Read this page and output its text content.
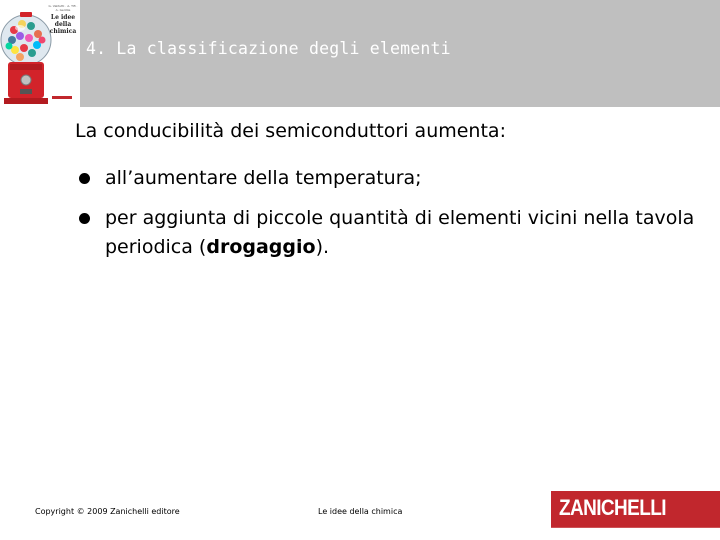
G. Valitutti · A. Tifi · A. Gentile
Le idee della chimica
4. La classificazione degli elementi

La conducibilità dei semiconduttori aumenta:

all’aumentare della temperatura;
per aggiunta di piccole quantità di elementi vicini nella tavola periodica (drogaggio).
Copyright © 2009 Zanichelli editore	Le idee della chimica	ZANICHELLI
